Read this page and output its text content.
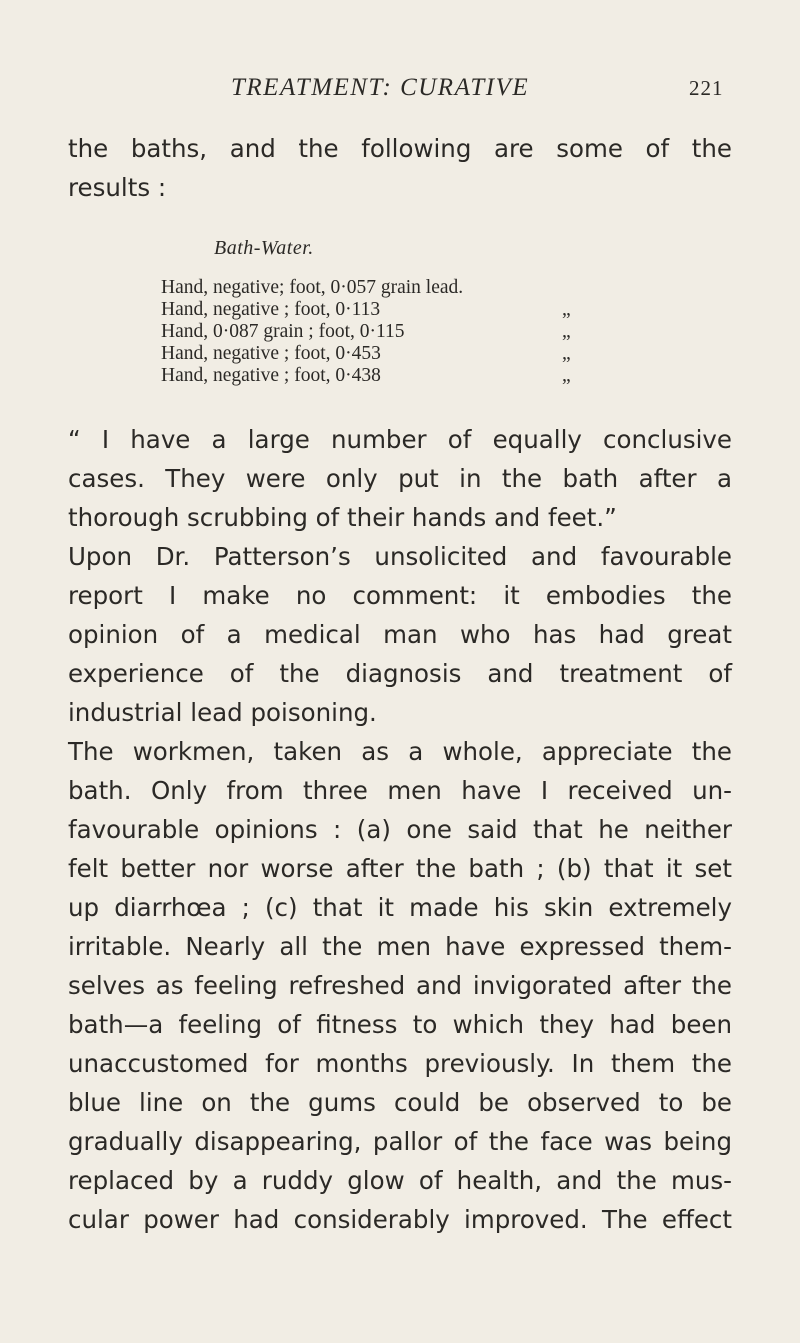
TREATMENT: CURATIVE	221
the baths, and the following are some of the
results :
Bath-Water.
Hand, negative; foot, 0·057 grain lead.
Hand, negative ; foot, 0·113	„
Hand, 0·087 grain ; foot, 0·115	„
Hand, negative ; foot, 0·453	„
Hand, negative ; foot, 0·438	„
“ I have a large number of equally conclusive
cases. They were only put in the bath after a
thorough scrubbing of their hands and feet.”
Upon Dr. Patterson’s unsolicited and favourable
report I make no comment: it embodies the
opinion of a medical man who has had great
experience of the diagnosis and treatment of
industrial lead poisoning.
The workmen, taken as a whole, appreciate the
bath. Only from three men have I received un-
favourable opinions : (a) one said that he neither
felt better nor worse after the bath ; (b) that it set
up diarrhœa ; (c) that it made his skin extremely
irritable. Nearly all the men have expressed them-
selves as feeling refreshed and invigorated after the
bath—a feeling of fitness to which they had been
unaccustomed for months previously. In them the
blue line on the gums could be observed to be
gradually disappearing, pallor of the face was being
replaced by a ruddy glow of health, and the mus-
cular power had considerably improved. The effect
